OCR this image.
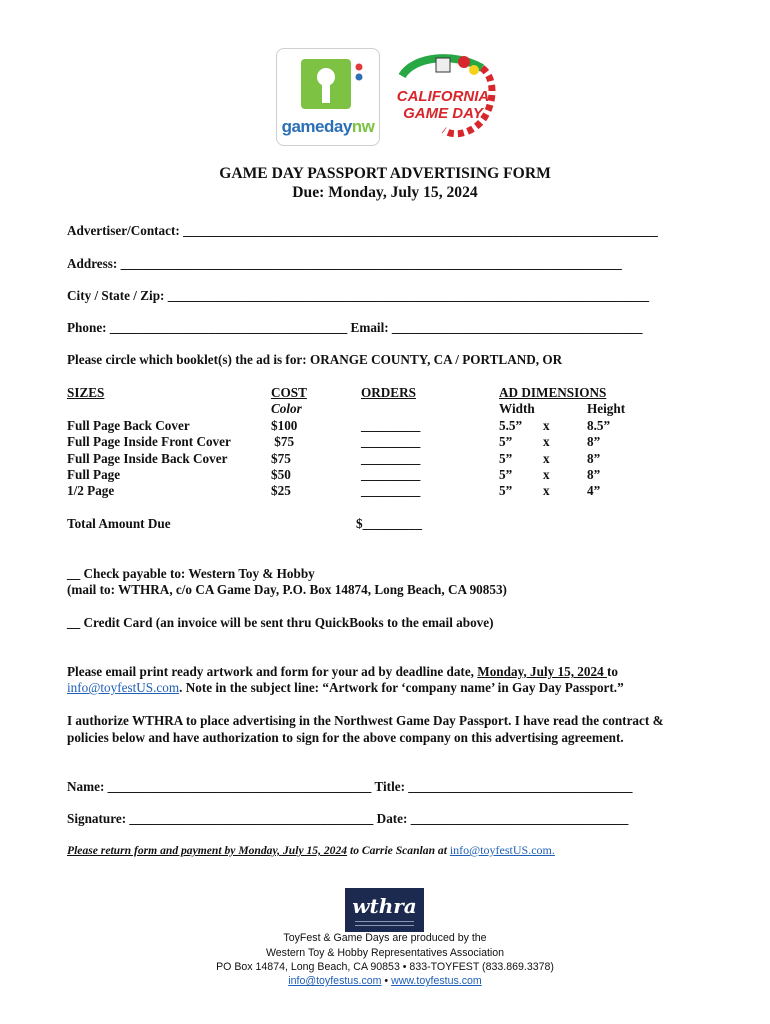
gamedaynw
CALIFORNIA
GAME DAY
GAME DAY PASSPORT ADVERTISING FORM
Due: Monday, July 15, 2024
Advertiser/Contact: ________________________________________________________________________
Address: ____________________________________________________________________________
City / State / Zip: _________________________________________________________________________
Phone: ____________________________________ Email: ______________________________________
Please circle which booklet(s) the ad is for: ORANGE COUNTY, CA / PORTLAND, OR
SIZES	COST	ORDERS	AD DIMENSIONS		
	Color		Width		Height
Full Page Back Cover	$100	_________	5.5”	x	8.5”
Full Page Inside Front Cover	$75	_________	5”	x	8”
Full Page Inside Back Cover	$75	_________	5”	x	8”
Full Page	$50	_________	5”	x	8”
1/2 Page	$25	_________	5”	x	4”
Total Amount Due	$_________
__ Check payable to: Western Toy & Hobby
(mail to: WTHRA, c/o CA Game Day, P.O. Box 14874, Long Beach, CA 90853)
__ Credit Card (an invoice will be sent thru QuickBooks to the email above)
Please email print ready artwork and form for your ad by deadline date, Monday, July 15, 2024 to
info@toyfestUS.com. Note in the subject line: “Artwork for ‘company name’ in Gay Day Passport.”
I authorize WTHRA to place advertising in the Northwest Game Day Passport. I have read the contract &
policies below and have authorization to sign for the above company on this advertising agreement.
Name: ________________________________________ Title: __________________________________
Signature: _____________________________________ Date: _________________________________
Please return form and payment by Monday, July 15, 2024 to Carrie Scanlan at info@toyfestUS.com.
wthra
ToyFest & Game Days are produced by the
Western Toy & Hobby Representatives Association
PO Box 14874, Long Beach, CA 90853 • 833-TOYFEST (833.869.3378)
info@toyfestus.com • www.toyfestus.com
